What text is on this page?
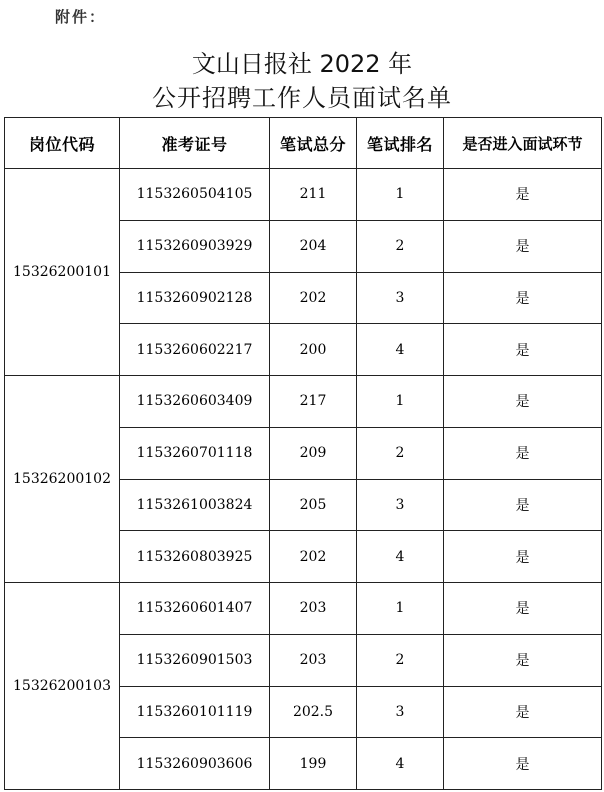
附件：
文山日报社 2022 年
公开招聘工作人员面试名单
岗位代码	准考证号	笔试总分	笔试排名	是否进入面试环节
15326200101	1153260504105	211	1	是
	1153260903929	204	2	是
	1153260902128	202	3	是
	1153260602217	200	4	是
15326200102	1153260603409	217	1	是
	1153260701118	209	2	是
	1153261003824	205	3	是
	1153260803925	202	4	是
15326200103	1153260601407	203	1	是
	1153260901503	203	2	是
	1153260101119	202.5	3	是
	1153260903606	199	4	是
